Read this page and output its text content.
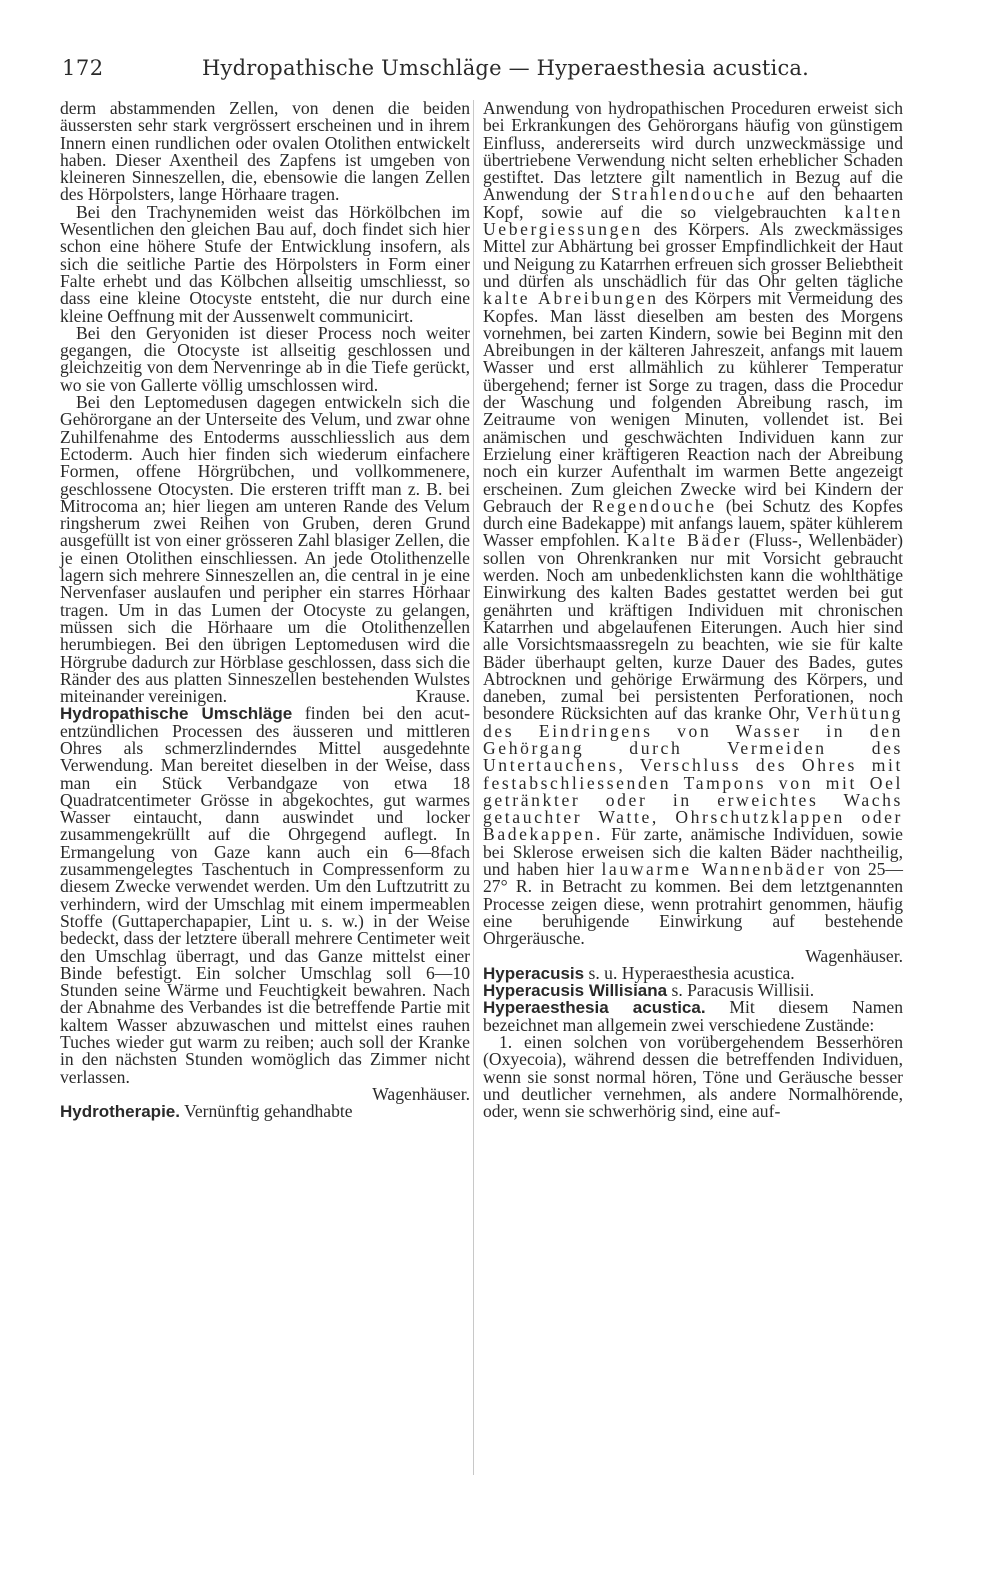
172	Hydropathische Umschläge — Hyperaesthesia acustica.

derm abstammenden Zellen, von denen die beiden äussersten sehr stark vergrössert erscheinen und in ihrem Innern einen rundlichen oder ovalen Otolithen entwickelt haben. Dieser Axentheil des Zapfens ist umgeben von kleineren Sinneszellen, die, ebensowie die langen Zellen des Hörpolsters, lange Hörhaare tragen.

Bei den Trachynemiden weist das Hörkölbchen im Wesentlichen den gleichen Bau auf, doch findet sich hier schon eine höhere Stufe der Entwicklung insofern, als sich die seitliche Partie des Hörpolsters in Form einer Falte erhebt und das Kölbchen allseitig umschliesst, so dass eine kleine Otocyste entsteht, die nur durch eine kleine Oeffnung mit der Aussenwelt communicirt.

Bei den Geryoniden ist dieser Process noch weiter gegangen, die Otocyste ist allseitig geschlossen und gleichzeitig von dem Nervenringe ab in die Tiefe gerückt, wo sie von Gallerte völlig umschlossen wird.

Bei den Leptomedusen dagegen entwickeln sich die Gehörorgane an der Unterseite des Velum, und zwar ohne Zuhilfenahme des Entoderms ausschliesslich aus dem Ectoderm. Auch hier finden sich wiederum einfachere Formen, offene Hörgrübchen, und vollkommenere, geschlossene Otocysten. Die ersteren trifft man z. B. bei Mitrocoma an; hier liegen am unteren Rande des Velum ringsherum zwei Reihen von Gruben, deren Grund ausgefüllt ist von einer grösseren Zahl blasiger Zellen, die je einen Otolithen einschliessen. An jede Otolithenzelle lagern sich mehrere Sinneszellen an, die central in je eine Nervenfaser auslaufen und peripher ein starres Hörhaar tragen. Um in das Lumen der Otocyste zu gelangen, müssen sich die Hörhaare um die Otolithenzellen herumbiegen. Bei den übrigen Leptomedusen wird die Hörgrube dadurch zur Hörblase geschlossen, dass sich die Ränder des aus platten Sinneszellen bestehenden Wulstes miteinander vereinigen.	Krause.

Hydropathische Umschläge finden bei den acut-entzündlichen Processen des äusseren und mittleren Ohres als schmerzlinderndes Mittel ausgedehnte Verwendung. Man bereitet dieselben in der Weise, dass man ein Stück Verbandgaze von etwa 18 Quadratcentimeter Grösse in abgekochtes, gut warmes Wasser eintaucht, dann auswindet und locker zusammengekrüllt auf die Ohrgegend auflegt. In Ermangelung von Gaze kann auch ein 6—8fach zusammengelegtes Taschentuch in Compressenform zu diesem Zwecke verwendet werden. Um den Luftzutritt zu verhindern, wird der Umschlag mit einem impermeablen Stoffe (Guttaperchapapier, Lint u. s. w.) in der Weise bedeckt, dass der letztere überall mehrere Centimeter weit den Umschlag überragt, und das Ganze mittelst einer Binde befestigt. Ein solcher Umschlag soll 6—10 Stunden seine Wärme und Feuchtigkeit bewahren. Nach der Abnahme des Verbandes ist die betreffende Partie mit kaltem Wasser abzuwaschen und mittelst eines rauhen Tuches wieder gut warm zu reiben; auch soll der Kranke in den nächsten Stunden womöglich das Zimmer nicht verlassen.

Wagenhäuser.

Hydrotherapie. Vernünftig gehandhabte

Anwendung von hydropathischen Proceduren erweist sich bei Erkrankungen des Gehörorgans häufig von günstigem Einfluss, andererseits wird durch unzweckmässige und übertriebene Verwendung nicht selten erheblicher Schaden gestiftet. Das letztere gilt namentlich in Bezug auf die Anwendung der Strahlendouche auf den behaarten Kopf, sowie auf die so vielgebrauchten kalten Uebergiessungen des Körpers. Als zweckmässiges Mittel zur Abhärtung bei grosser Empfindlichkeit der Haut und Neigung zu Katarrhen erfreuen sich grosser Beliebtheit und dürfen als unschädlich für das Ohr gelten tägliche kalte Abreibungen des Körpers mit Vermeidung des Kopfes. Man lässt dieselben am besten des Morgens vornehmen, bei zarten Kindern, sowie bei Beginn mit den Abreibungen in der kälteren Jahreszeit, anfangs mit lauem Wasser und erst allmählich zu kühlerer Temperatur übergehend; ferner ist Sorge zu tragen, dass die Procedur der Waschung und folgenden Abreibung rasch, im Zeitraume von wenigen Minuten, vollendet ist. Bei anämischen und geschwächten Individuen kann zur Erzielung einer kräftigeren Reaction nach der Abreibung noch ein kurzer Aufenthalt im warmen Bette angezeigt erscheinen. Zum gleichen Zwecke wird bei Kindern der Gebrauch der Regendouche (bei Schutz des Kopfes durch eine Badekappe) mit anfangs lauem, später kühlerem Wasser empfohlen. Kalte Bäder (Fluss-, Wellenbäder) sollen von Ohrenkranken nur mit Vorsicht gebraucht werden. Noch am unbedenklichsten kann die wohlthätige Einwirkung des kalten Bades gestattet werden bei gut genährten und kräftigen Individuen mit chronischen Katarrhen und abgelaufenen Eiterungen. Auch hier sind alle Vorsichtsmaassregeln zu beachten, wie sie für kalte Bäder überhaupt gelten, kurze Dauer des Bades, gutes Abtrocknen und gehörige Erwärmung des Körpers, und daneben, zumal bei persistenten Perforationen, noch besondere Rücksichten auf das kranke Ohr, Verhütung des Eindringens von Wasser in den Gehörgang durch Vermeiden des Untertauchens, Verschluss des Ohres mit festabschliessenden Tampons von mit Oel getränkter oder in erweichtes Wachs getauchter Watte, Ohrschutzklappen oder Badekappen. Für zarte, anämische Individuen, sowie bei Sklerose erweisen sich die kalten Bäder nachtheilig, und haben hier lauwarme Wannenbäder von 25—27° R. in Betracht zu kommen. Bei dem letztgenannten Processe zeigen diese, wenn protrahirt genommen, häufig eine beruhigende Einwirkung auf bestehende Ohrgeräusche.

Wagenhäuser.

Hyperacusis s. u. Hyperaesthesia acustica.

Hyperacusis Willisiana s. Paracusis Willisii.

Hyperaesthesia acustica. Mit diesem Namen bezeichnet man allgemein zwei verschiedene Zustände:

1. einen solchen von vorübergehendem Besserhören (Oxyecoia), während dessen die betreffenden Individuen, wenn sie sonst normal hören, Töne und Geräusche besser und deutlicher vernehmen, als andere Normalhörende, oder, wenn sie schwerhörig sind, eine auf-
